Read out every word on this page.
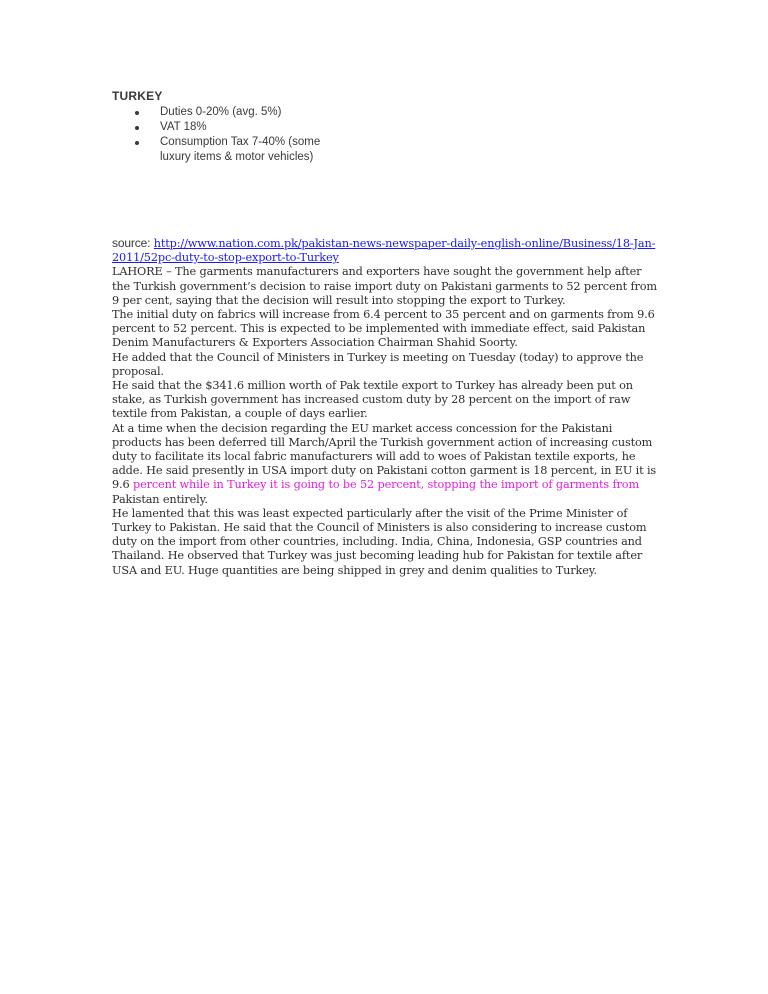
TURKEY
Duties 0-20% (avg. 5%)
VAT 18%
Consumption Tax 7-40% (some luxury items & motor vehicles)

source: http://www.nation.com.pk/pakistan-news-newspaper-daily-english-online/Business/18-Jan-2011/52pc-duty-to-stop-export-to-Turkey

LAHORE – The garments manufacturers and exporters have sought the government help after the Turkish government’s decision to raise import duty on Pakistani garments to 52 percent from 9 per cent, saying that the decision will result into stopping the export to Turkey.

The initial duty on fabrics will increase from 6.4 percent to 35 percent and on garments from 9.6 percent to 52 percent. This is expected to be implemented with immediate effect, said Pakistan Denim Manufacturers & Exporters Association Chairman Shahid Soorty.

He added that the Council of Ministers in Turkey is meeting on Tuesday (today) to approve the proposal.

He said that the $341.6 million worth of Pak textile export to Turkey has already been put on stake, as Turkish government has increased custom duty by 28 percent on the import of raw textile from Pakistan, a couple of days earlier.

At a time when the decision regarding the EU market access concession for the Pakistani products has been deferred till March/April the Turkish government action of increasing custom duty to facilitate its local fabric manufacturers will add to woes of Pakistan textile exports, he adde. He said presently in USA import duty on Pakistani cotton garment is 18 percent, in EU it is 9.6 percent while in Turkey it is going to be 52 percent, stopping the import of garments from Pakistan entirely.

He lamented that this was least expected particularly after the visit of the Prime Minister of Turkey to Pakistan. He said that the Council of Ministers is also considering to increase custom duty on the import from other countries, including. India, China, Indonesia, GSP countries and Thailand. He observed that Turkey was just becoming leading hub for Pakistan for textile after USA and EU. Huge quantities are being shipped in grey and denim qualities to Turkey.
